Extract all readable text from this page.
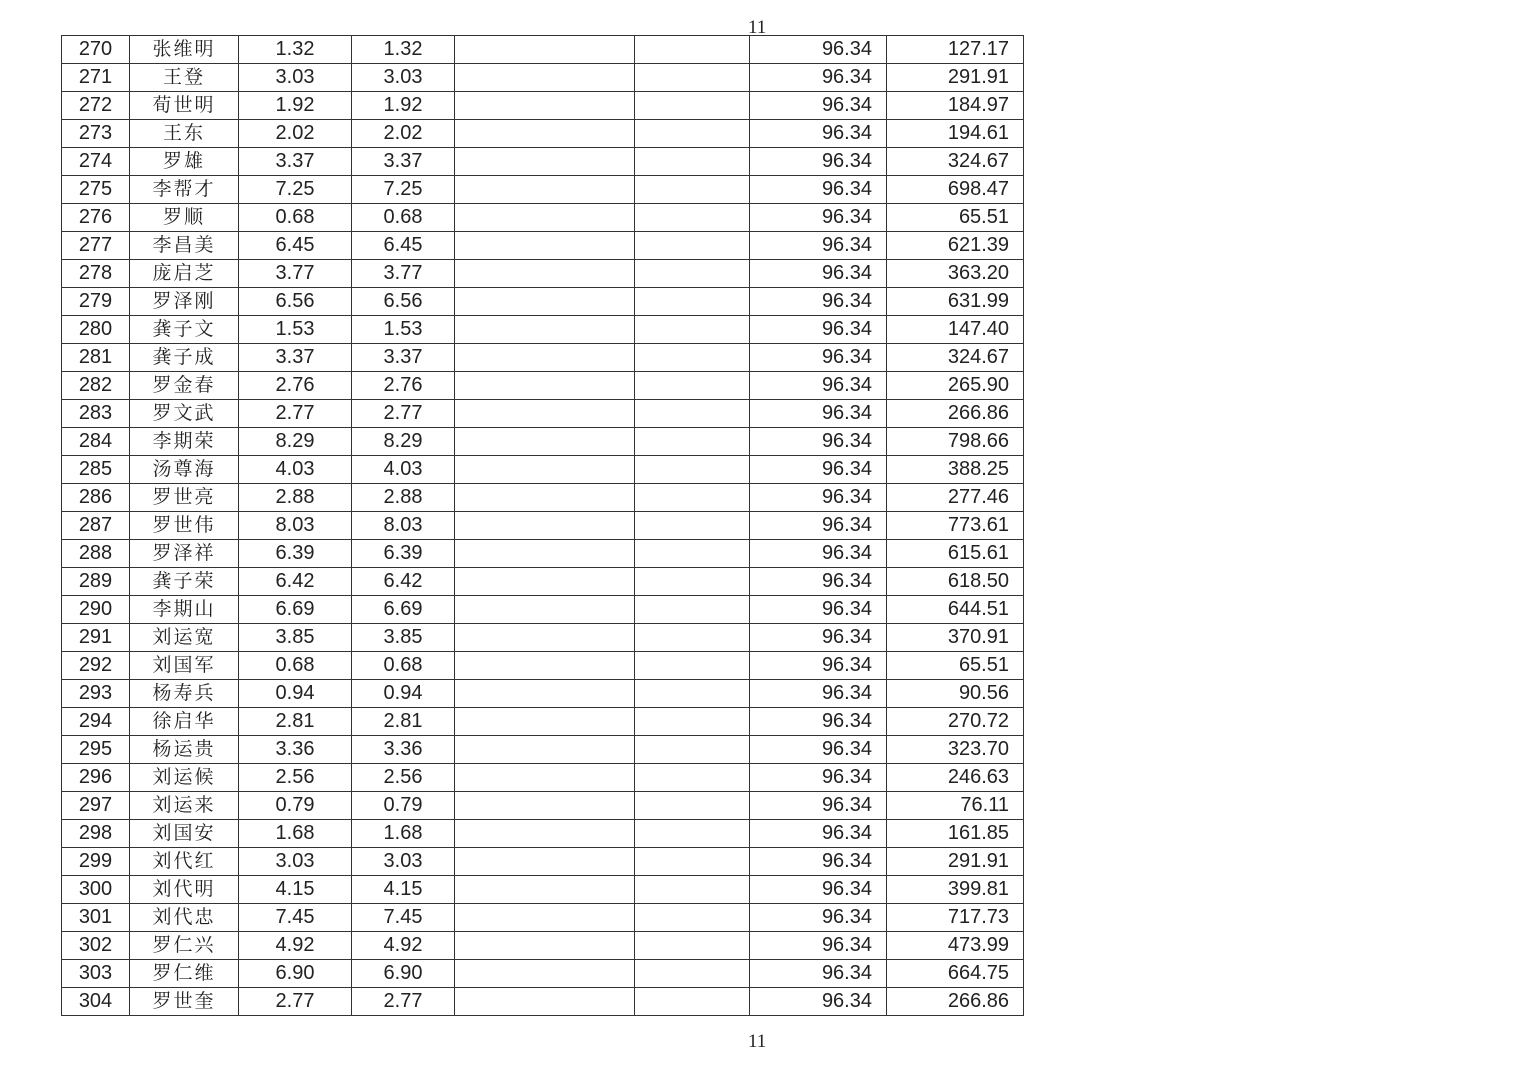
11
270	张维明	1.32	1.32			96.34	127.17
271	王登	3.03	3.03			96.34	291.91
272	荀世明	1.92	1.92			96.34	184.97
273	王东	2.02	2.02			96.34	194.61
274	罗雄	3.37	3.37			96.34	324.67
275	李帮才	7.25	7.25			96.34	698.47
276	罗顺	0.68	0.68			96.34	65.51
277	李昌美	6.45	6.45			96.34	621.39
278	庞启芝	3.77	3.77			96.34	363.20
279	罗泽刚	6.56	6.56			96.34	631.99
280	龚子文	1.53	1.53			96.34	147.40
281	龚子成	3.37	3.37			96.34	324.67
282	罗金春	2.76	2.76			96.34	265.90
283	罗文武	2.77	2.77			96.34	266.86
284	李期荣	8.29	8.29			96.34	798.66
285	汤尊海	4.03	4.03			96.34	388.25
286	罗世亮	2.88	2.88			96.34	277.46
287	罗世伟	8.03	8.03			96.34	773.61
288	罗泽祥	6.39	6.39			96.34	615.61
289	龚子荣	6.42	6.42			96.34	618.50
290	李期山	6.69	6.69			96.34	644.51
291	刘运宽	3.85	3.85			96.34	370.91
292	刘国军	0.68	0.68			96.34	65.51
293	杨寿兵	0.94	0.94			96.34	90.56
294	徐启华	2.81	2.81			96.34	270.72
295	杨运贵	3.36	3.36			96.34	323.70
296	刘运候	2.56	2.56			96.34	246.63
297	刘运来	0.79	0.79			96.34	76.11
298	刘国安	1.68	1.68			96.34	161.85
299	刘代红	3.03	3.03			96.34	291.91
300	刘代明	4.15	4.15			96.34	399.81
301	刘代忠	7.45	7.45			96.34	717.73
302	罗仁兴	4.92	4.92			96.34	473.99
303	罗仁维	6.90	6.90			96.34	664.75
304	罗世奎	2.77	2.77			96.34	266.86
11
